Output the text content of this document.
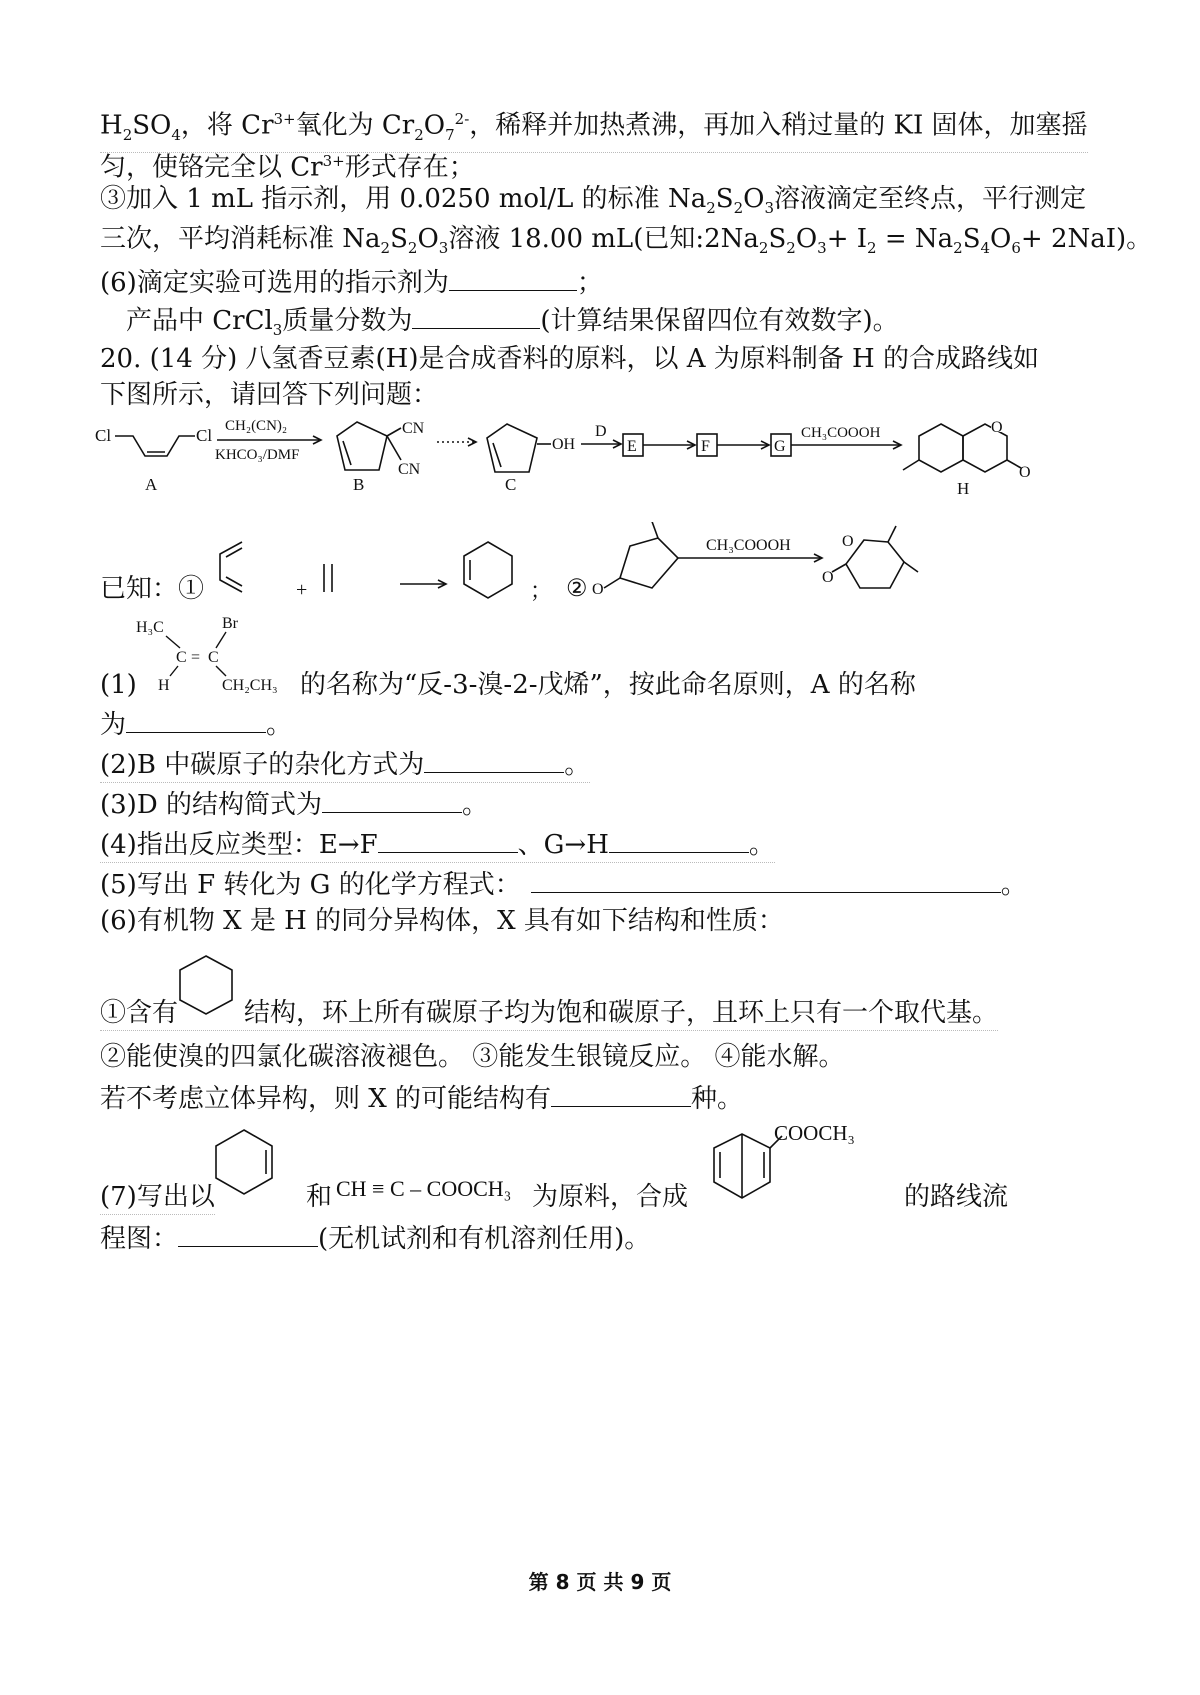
$H_2SO_4$，将 $Cr^{3+}$氧化为 $Cr_2O_7^{2-}$，稀释并加热煮沸，再加入稍过量的 KI 固体，加塞摇
匀，使铬完全以 $Cr^{3+}$形式存在；
③加入 1 mL 指示剂，用 0.0250 mol/L 的标准 $Na_2S_2O_3$溶液滴定至终点，平行测定
三次，平均消耗标准 $Na_2S_2O_3$溶液 18.00 mL(已知$:2Na_2S_2O_3+ I_2 = Na_2S_4O_6+ 2NaI$)。
(6)滴定实验可选用的指示剂为	；
产品中 CrCl$_3$质量分数为	(计算结果保留四位有效数字)。
20. (14 分) 八氢香豆素(H)是合成香料的原料，以 A 为原料制备 H 的合成路线如
下图所示，请回答下列问题：
Cl	Cl
A
CH₂(CN)₂
KHCO₃/DMF
CN
CN
B
OH
C
D
E	F	G
CH₃COOOH	O
O
H
已知：①	+	； ② O
CH₃COOOH	O
O
H₃C	Br
C = C
H	CH₂CH₃
(1)	的名称为“反-3-溴-2-戊烯”，按此命名原则，A 的名称
为	。
(2)B 中碳原子的杂化方式为	。
(3)D 的结构简式为	。
(4)指出反应类型：E→F	、G→H	。
(5)写出 F 转化为 G 的化学方程式：	。
(6)有机物 X 是 H 的同分异构体，X 具有如下结构和性质：
①含有	结构，环上所有碳原子均为饱和碳原子，且环上只有一个取代基。
②能使溴的四氯化碳溶液褪色。 ③能发生银镜反应。 ④能水解。
若不考虑立体异构，则 X 的可能结构有	种。
(7)写出以	和 CH ≡ C – COOCH₃ 为原料，合成
COOCH₃
的路线流
程图：	(无机试剂和有机溶剂任用)。
第 8 页 共 9 页
